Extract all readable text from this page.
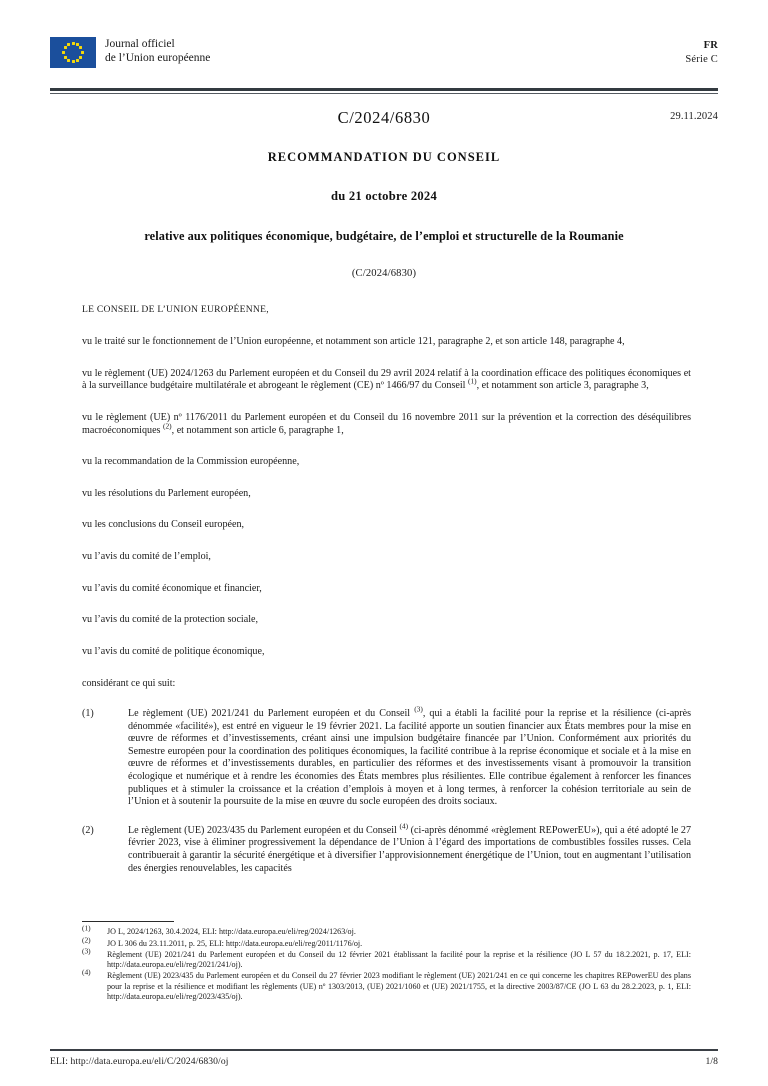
Journal officiel
de l’Union européenne
FR
Série C
29.11.2024
C/2024/6830
RECOMMANDATION DU CONSEIL
du 21 octobre 2024
relative aux politiques économique, budgétaire, de l’emploi et structurelle de la Roumanie
(C/2024/6830)
LE CONSEIL DE L’UNION EUROPÉENNE,
vu le traité sur le fonctionnement de l’Union européenne, et notamment son article 121, paragraphe 2, et son article 148, paragraphe 4,
vu le règlement (UE) 2024/1263 du Parlement européen et du Conseil du 29 avril 2024 relatif à la coordination efficace des politiques économiques et à la surveillance budgétaire multilatérale et abrogeant le règlement (CE) nº 1466/97 du Conseil $^{(1)}$, et notamment son article 3, paragraphe 3,
vu le règlement (UE) nº 1176/2011 du Parlement européen et du Conseil du 16 novembre 2011 sur la prévention et la correction des déséquilibres macroéconomiques $^{(2)}$, et notamment son article 6, paragraphe 1,
vu la recommandation de la Commission européenne,
vu les résolutions du Parlement européen,
vu les conclusions du Conseil européen,
vu l’avis du comité de l’emploi,
vu l’avis du comité économique et financier,
vu l’avis du comité de la protection sociale,
vu l’avis du comité de politique économique,
considérant ce qui suit:
(1)	Le règlement (UE) 2021/241 du Parlement européen et du Conseil $^{(3)}$, qui a établi la facilité pour la reprise et la résilience (ci-après dénommée «facilité»), est entré en vigueur le 19 février 2021. La facilité apporte un soutien financier aux États membres pour la mise en œuvre de réformes et d’investissements, créant ainsi une impulsion budgétaire financée par l’Union. Conformément aux priorités du Semestre européen pour la coordination des politiques économiques, la facilité contribue à la reprise économique et sociale et à la mise en œuvre de réformes et d’investissements durables, en particulier des réformes et des investissements visant à promouvoir la transition écologique et numérique et à rendre les économies des États membres plus résilientes. Elle contribue également à renforcer les finances publiques et à stimuler la croissance et la création d’emplois à moyen et à long termes, à renforcer la cohésion territoriale au sein de l’Union et à soutenir la poursuite de la mise en œuvre du socle européen des droits sociaux.
(2)	Le règlement (UE) 2023/435 du Parlement européen et du Conseil $^{(4)}$ (ci-après dénommé «règlement REPowerEU»), qui a été adopté le 27 février 2023, vise à éliminer progressivement la dépendance de l’Union à l’égard des importations de combustibles fossiles russes. Cela contribuerait à garantir la sécurité énergétique et à diversifier l’approvisionnement énergétique de l’Union, tout en augmentant l’utilisation des énergies renouvelables, les capacités
$^{(1)}$	JO L, 2024/1263, 30.4.2024, ELI: http://data.europa.eu/eli/reg/2024/1263/oj.
$^{(2)}$	JO L 306 du 23.11.2011, p. 25, ELI: http://data.europa.eu/eli/reg/2011/1176/oj.
$^{(3)}$	Règlement (UE) 2021/241 du Parlement européen et du Conseil du 12 février 2021 établissant la facilité pour la reprise et la résilience (JO L 57 du 18.2.2021, p. 17, ELI: http://data.europa.eu/eli/reg/2021/241/oj).
$^{(4)}$	Règlement (UE) 2023/435 du Parlement européen et du Conseil du 27 février 2023 modifiant le règlement (UE) 2021/241 en ce qui concerne les chapitres REPowerEU des plans pour la reprise et la résilience et modifiant les règlements (UE) nº 1303/2013, (UE) 2021/1060 et (UE) 2021/1755, et la directive 2003/87/CE (JO L 63 du 28.2.2023, p. 1, ELI: http://data.europa.eu/eli/reg/2023/435/oj).
ELI: http://data.europa.eu/eli/C/2024/6830/oj	1/8
